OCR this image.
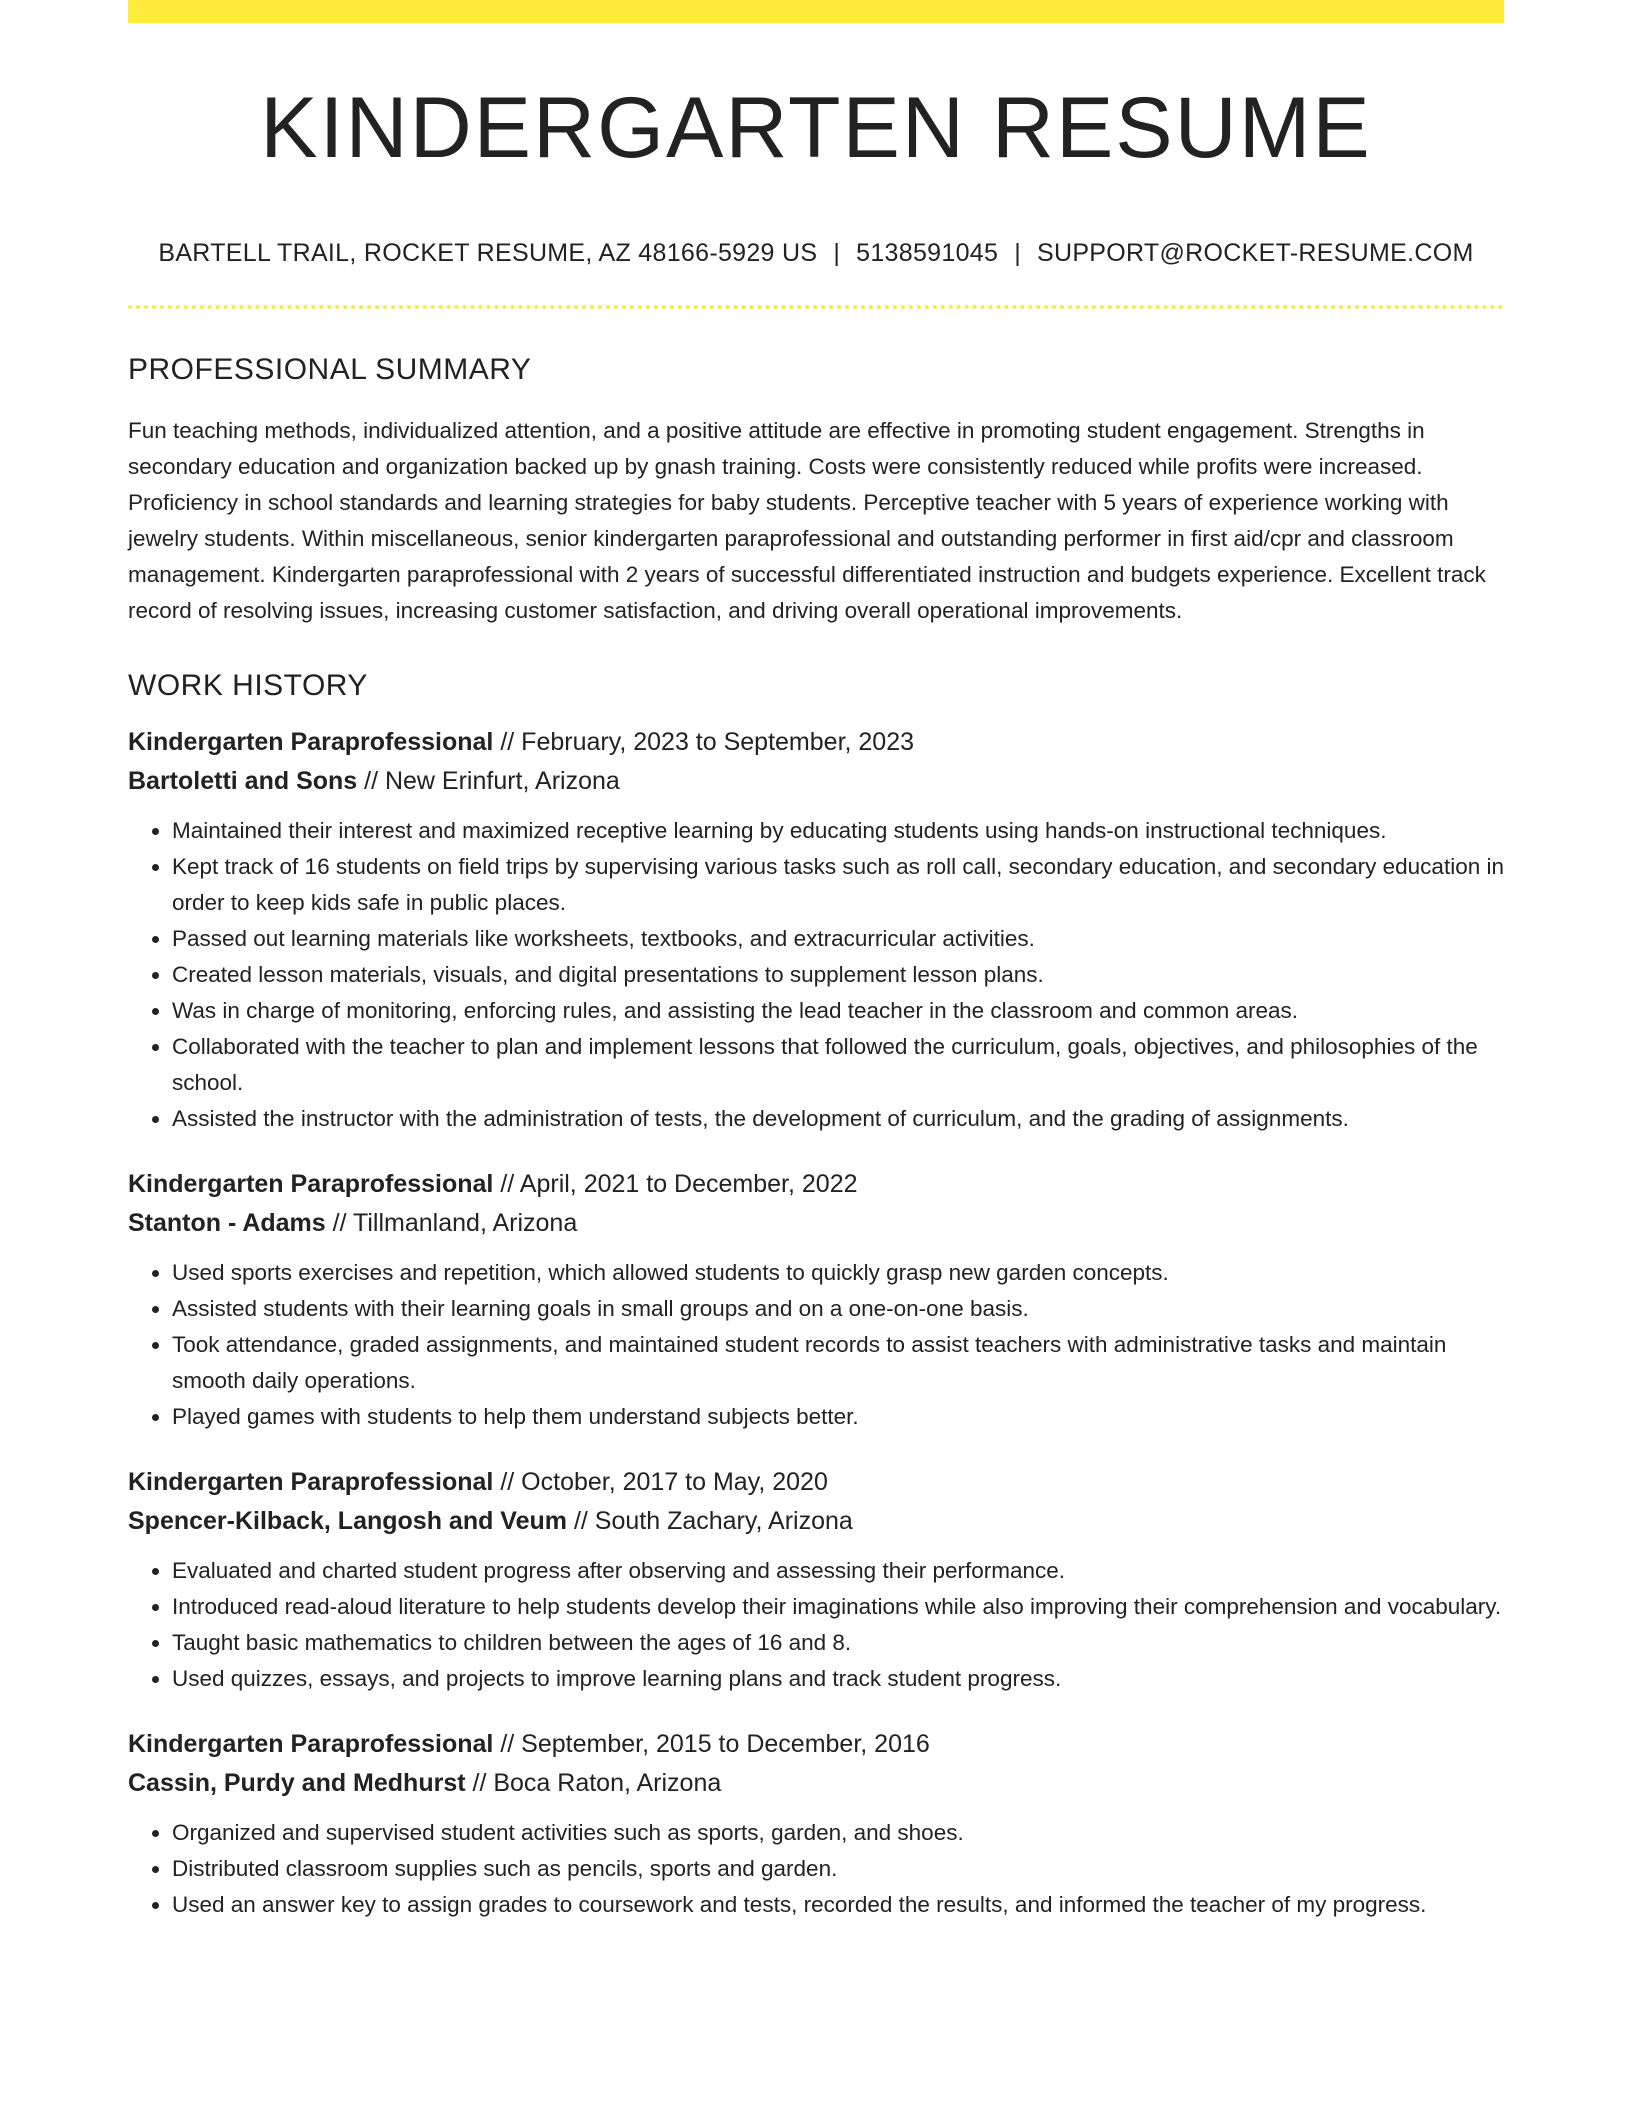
KINDERGARTEN RESUME
BARTELL TRAIL, ROCKET RESUME, AZ 48166-5929 US | 5138591045 | SUPPORT@ROCKET-RESUME.COM
PROFESSIONAL SUMMARY

Fun teaching methods, individualized attention, and a positive attitude are effective in promoting student engagement. Strengths in secondary education and organization backed up by gnash training. Costs were consistently reduced while profits were increased. Proficiency in school standards and learning strategies for baby students. Perceptive teacher with 5 years of experience working with jewelry students. Within miscellaneous, senior kindergarten paraprofessional and outstanding performer in first aid/cpr and classroom management. Kindergarten paraprofessional with 2 years of successful differentiated instruction and budgets experience. Excellent track record of resolving issues, increasing customer satisfaction, and driving overall operational improvements.

WORK HISTORY
Kindergarten Paraprofessional // February, 2023 to September, 2023
Bartoletti and Sons // New Erinfurt, Arizona
• Maintained their interest and maximized receptive learning by educating students using hands-on instructional techniques.
• Kept track of 16 students on field trips by supervising various tasks such as roll call, secondary education, and secondary education in order to keep kids safe in public places.
• Passed out learning materials like worksheets, textbooks, and extracurricular activities.
• Created lesson materials, visuals, and digital presentations to supplement lesson plans.
• Was in charge of monitoring, enforcing rules, and assisting the lead teacher in the classroom and common areas.
• Collaborated with the teacher to plan and implement lessons that followed the curriculum, goals, objectives, and philosophies of the school.
• Assisted the instructor with the administration of tests, the development of curriculum, and the grading of assignments.
Kindergarten Paraprofessional // April, 2021 to December, 2022
Stanton - Adams // Tillmanland, Arizona
• Used sports exercises and repetition, which allowed students to quickly grasp new garden concepts.
• Assisted students with their learning goals in small groups and on a one-on-one basis.
• Took attendance, graded assignments, and maintained student records to assist teachers with administrative tasks and maintain smooth daily operations.
• Played games with students to help them understand subjects better.
Kindergarten Paraprofessional // October, 2017 to May, 2020
Spencer-Kilback, Langosh and Veum // South Zachary, Arizona
• Evaluated and charted student progress after observing and assessing their performance.
• Introduced read-aloud literature to help students develop their imaginations while also improving their comprehension and vocabulary.
• Taught basic mathematics to children between the ages of 16 and 8.
• Used quizzes, essays, and projects to improve learning plans and track student progress.
Kindergarten Paraprofessional // September, 2015 to December, 2016
Cassin, Purdy and Medhurst // Boca Raton, Arizona
• Organized and supervised student activities such as sports, garden, and shoes.
• Distributed classroom supplies such as pencils, sports and garden.
• Used an answer key to assign grades to coursework and tests, recorded the results, and informed the teacher of my progress.
